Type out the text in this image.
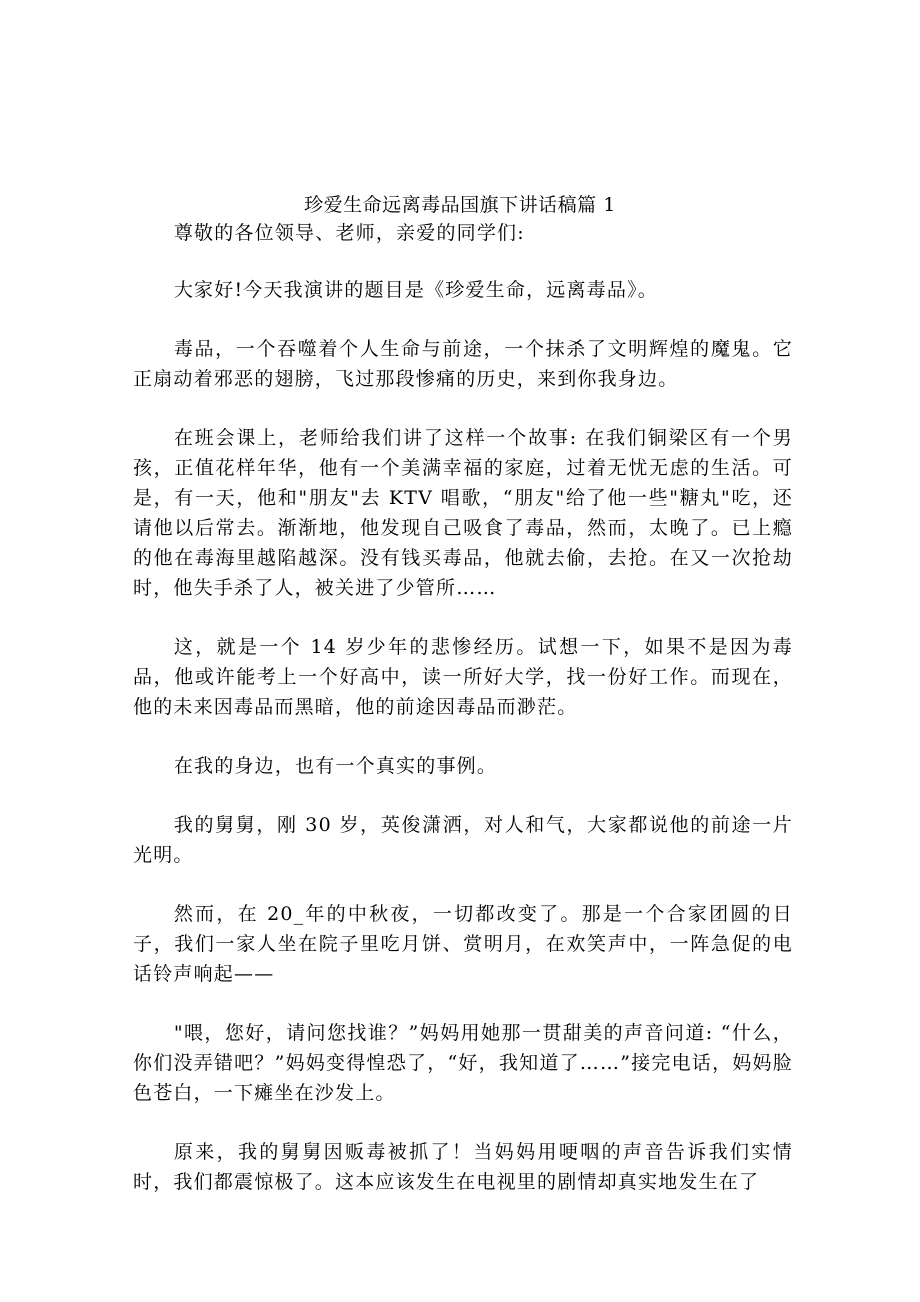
珍爱生命远离毒品国旗下讲话稿篇 1

尊敬的各位领导、老师，亲爱的同学们:

大家好!今天我演讲的题目是《珍爱生命，远离毒品》。

毒品，一个吞噬着个人生命与前途，一个抹杀了文明辉煌的魔鬼。它正扇动着邪恶的翅膀，飞过那段惨痛的历史，来到你我身边。

在班会课上，老师给我们讲了这样一个故事: 在我们铜梁区有一个男孩，正值花样年华，他有一个美满幸福的家庭，过着无忧无虑的生活。可是，有一天，他和"朋友"去 KTV 唱歌，“朋友"给了他一些"糖丸"吃，还请他以后常去。渐渐地，他发现自己吸食了毒品，然而，太晚了。已上瘾的他在毒海里越陷越深。没有钱买毒品，他就去偷，去抢。在又一次抢劫时，他失手杀了人，被关进了少管所……

这，就是一个 14 岁少年的悲惨经历。试想一下，如果不是因为毒品，他或许能考上一个好高中，读一所好大学，找一份好工作。而现在，他的未来因毒品而黑暗，他的前途因毒品而渺茫。

在我的身边，也有一个真实的事例。

我的舅舅，刚 30 岁，英俊潇洒，对人和气，大家都说他的前途一片光明。

然而，在 20_年的中秋夜，一切都改变了。那是一个合家团圆的日子，我们一家人坐在院子里吃月饼、赏明月，在欢笑声中，一阵急促的电话铃声响起——

"喂，您好，请问您找谁？”妈妈用她那一贯甜美的声音问道: “什么，你们没弄错吧？”妈妈变得惶恐了，“好，我知道了……”接完电话，妈妈脸色苍白，一下瘫坐在沙发上。

原来，我的舅舅因贩毒被抓了！当妈妈用哽咽的声音告诉我们实情时，我们都震惊极了。这本应该发生在电视里的剧情却真实地发生在了
